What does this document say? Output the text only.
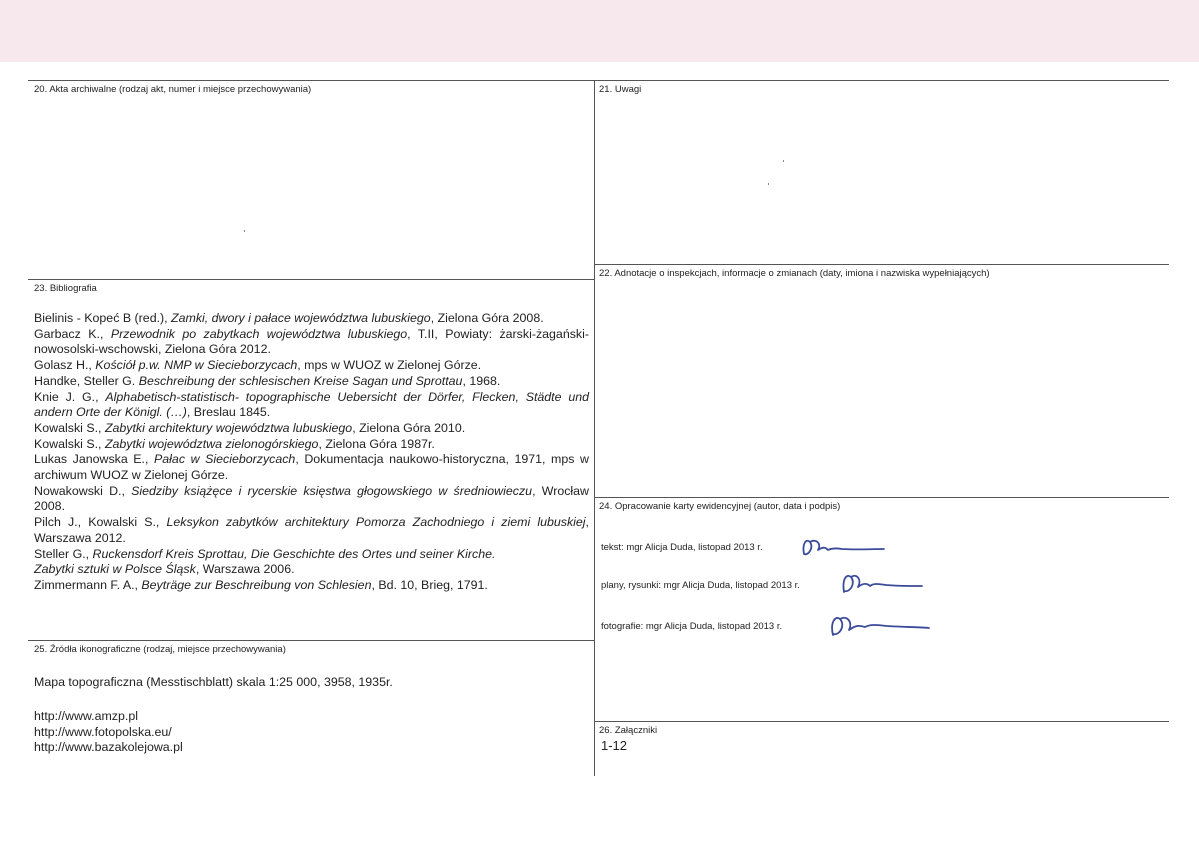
20. Akta archiwalne (rodzaj akt, numer i miejsce przechowywania)	21. Uwagi
22. Adnotacje o inspekcjach, informacje o zmianach (daty, imiona i nazwiska wypełniających)
23. Bibliografia
24. Opracowanie karty ewidencyjnej (autor, data i podpis)
25. Źródła ikonograficzne (rodzaj, miejsce przechowywania)
26. Załączniki

Bielinis - Kopeć B (red.), Zamki, dwory i pałace województwa lubuskiego, Zielona Góra 2008.

Garbacz K., Przewodnik po zabytkach województwa lubuskiego, T.II, Powiaty: żarski-żagański-nowosolski-wschowski, Zielona Góra 2012.

Golasz H., Kościół p.w. NMP w Siecieborzycach, mps w WUOZ w Zielonej Górze.

Handke, Steller G. Beschreibung der schlesischen Kreise Sagan und Sprottau, 1968.

Knie J. G., Alphabetisch-statistisch- topographische Uebersicht der Dörfer, Flecken, Städte und andern Orte der Königl. (…), Breslau 1845.

Kowalski S., Zabytki architektury województwa lubuskiego, Zielona Góra 2010.

Kowalski S., Zabytki województwa zielonogórskiego, Zielona Góra 1987r.

Lukas Janowska E., Pałac w Siecieborzycach, Dokumentacja naukowo-historyczna, 1971, mps w archiwum WUOZ w Zielonej Górze.

Nowakowski D., Siedziby książęce i rycerskie księstwa głogowskiego w średniowieczu, Wrocław 2008.

Pilch J., Kowalski S., Leksykon zabytków architektury Pomorza Zachodniego i ziemi lubuskiej, Warszawa 2012.

Steller G., Ruckensdorf Kreis Sprottau, Die Geschichte des Ortes und seiner Kirche.

Zabytki sztuki w Polsce Śląsk, Warszawa 2006.

Zimmermann F. A., Beyträge zur Beschreibung von Schlesien, Bd. 10, Brieg, 1791.

Mapa topograficzna (Messtischblatt) skala 1:25 000, 3958, 1935r.
http://www.amzp.pl
http://www.fotopolska.eu/
http://www.bazakolejowa.pl
tekst: mgr Alicja Duda, listopad 2013 r.
plany, rysunki: mgr Alicja Duda, listopad 2013 r.
fotografie: mgr Alicja Duda, listopad 2013 r.
1-12
